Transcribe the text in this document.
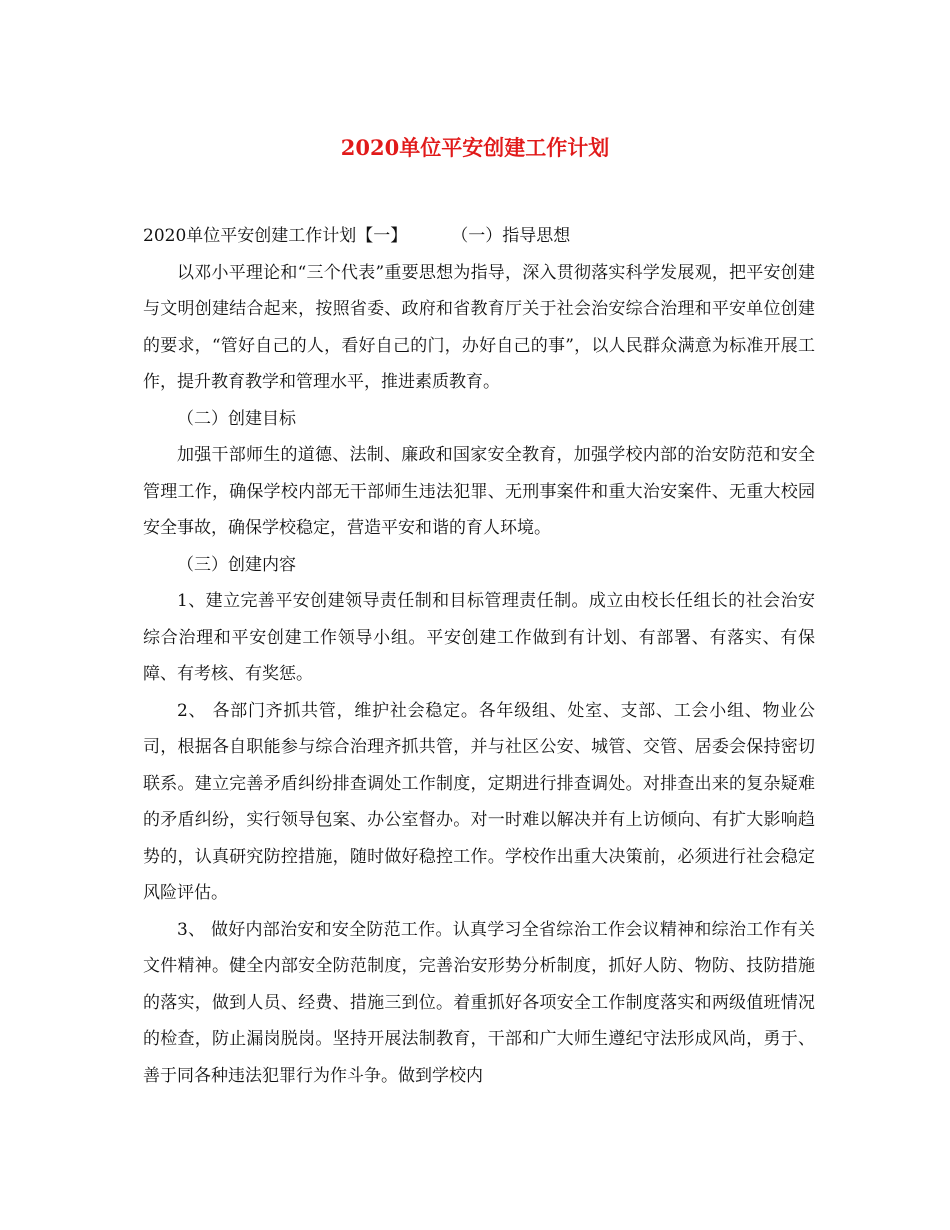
2020单位平安创建工作计划
2020单位平安创建工作计划【一】	（一）指导思想

以邓小平理论和“三个代表”重要思想为指导，深入贯彻落实科学发展观，把平安创建与文明创建结合起来，按照省委、政府和省教育厅关于社会治安综合治理和平安单位创建的要求，“管好自己的人，看好自己的门，办好自己的事”，以人民群众满意为标准开展工作，提升教育教学和管理水平，推进素质教育。

（二）创建目标

加强干部师生的道德、法制、廉政和国家安全教育，加强学校内部的治安防范和安全管理工作，确保学校内部无干部师生违法犯罪、无刑事案件和重大治安案件、无重大校园安全事故，确保学校稳定，营造平安和谐的育人环境。

（三）创建内容

1、建立完善平安创建领导责任制和目标管理责任制。成立由校长任组长的社会治安综合治理和平安创建工作领导小组。平安创建工作做到有计划、有部署、有落实、有保障、有考核、有奖惩。

2、 各部门齐抓共管，维护社会稳定。各年级组、处室、支部、工会小组、物业公司，根据各自职能参与综合治理齐抓共管，并与社区公安、城管、交管、居委会保持密切联系。建立完善矛盾纠纷排查调处工作制度，定期进行排查调处。对排查出来的复杂疑难的矛盾纠纷，实行领导包案、办公室督办。对一时难以解决并有上访倾向、有扩大影响趋势的，认真研究防控措施，随时做好稳控工作。学校作出重大决策前，必须进行社会稳定风险评估。

3、 做好内部治安和安全防范工作。认真学习全省综治工作会议精神和综治工作有关文件精神。健全内部安全防范制度，完善治安形势分析制度，抓好人防、物防、技防措施的落实，做到人员、经费、措施三到位。着重抓好各项安全工作制度落实和两级值班情况的检查，防止漏岗脱岗。坚持开展法制教育，干部和广大师生遵纪守法形成风尚，勇于、善于同各种违法犯罪行为作斗争。做到学校内
